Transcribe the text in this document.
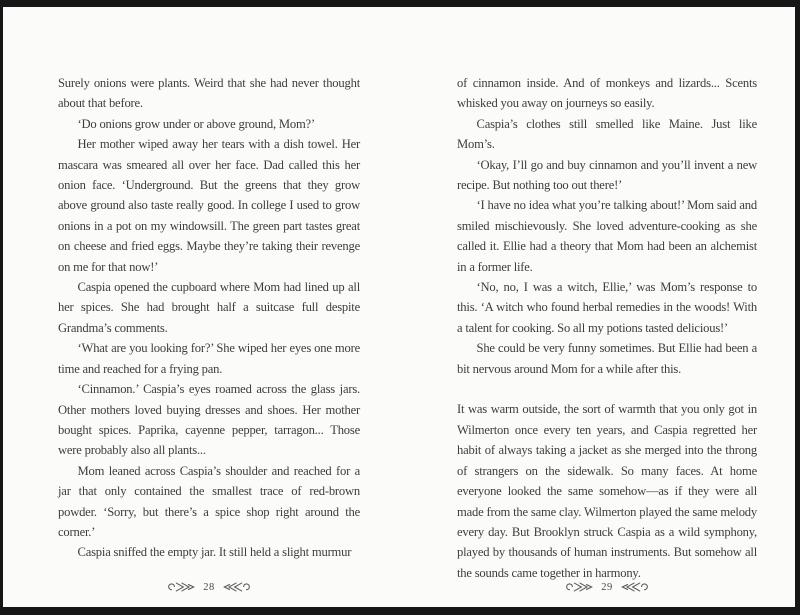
Surely onions were plants. Weird that she had never thought about that before.

‘Do onions grow under or above ground, Mom?’

Her mother wiped away her tears with a dish towel. Her mascara was smeared all over her face. Dad called this her onion face. ‘Underground. But the greens that they grow above ground also taste really good. In college I used to grow onions in a pot on my windowsill. The green part tastes great on cheese and fried eggs. Maybe they’re taking their revenge on me for that now!’

Caspia opened the cupboard where Mom had lined up all her spices. She had brought half a suitcase full despite Grandma’s comments.

‘What are you looking for?’ She wiped her eyes one more time and reached for a frying pan.

‘Cinnamon.’ Caspia’s eyes roamed across the glass jars. Other mothers loved buying dresses and shoes. Her mother bought spices. Paprika, cayenne pepper, tarragon... Those were probably also all plants...

Mom leaned across Caspia’s shoulder and reached for a jar that only contained the smallest trace of red-brown powder. ‘Sorry, but there’s a spice shop right around the corner.’

Caspia sniffed the empty jar. It still held a slight murmur

28

of cinnamon inside. And of monkeys and lizards... Scents whisked you away on journeys so easily.

Caspia’s clothes still smelled like Maine. Just like Mom’s.

‘Okay, I’ll go and buy cinnamon and you’ll invent a new recipe. But nothing too out there!’

‘I have no idea what you’re talking about!’ Mom said and smiled mischievously. She loved adventure-cooking as she called it. Ellie had a theory that Mom had been an alchemist in a former life.

‘No, no, I was a witch, Ellie,’ was Mom’s response to this. ‘A witch who found herbal remedies in the woods! With a talent for cooking. So all my potions tasted delicious!’

She could be very funny sometimes. But Ellie had been a bit nervous around Mom for a while after this.

It was warm outside, the sort of warmth that you only got in Wilmerton once every ten years, and Caspia regretted her habit of always taking a jacket as she merged into the throng of strangers on the sidewalk. So many faces. At home everyone looked the same somehow—as if they were all made from the same clay. Wilmerton played the same melody every day. But Brooklyn struck Caspia as a wild symphony, played by thousands of human instruments. But somehow all the sounds came together in harmony.

29
